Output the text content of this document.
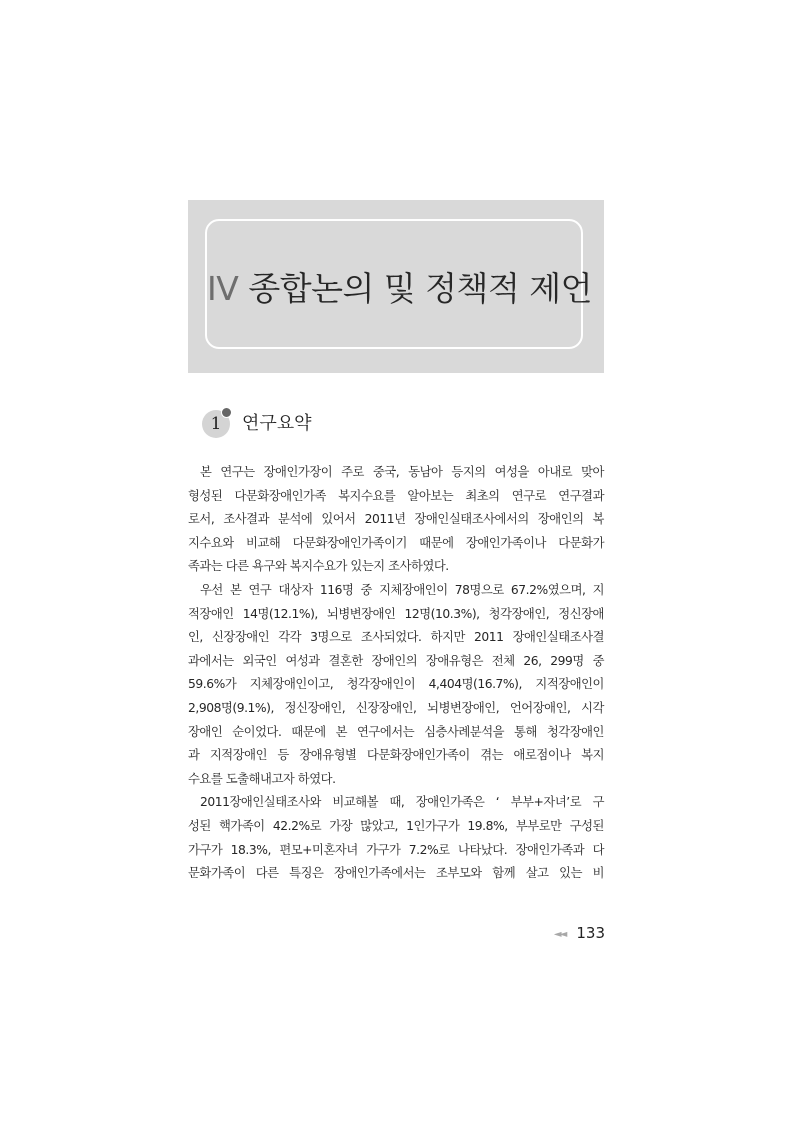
IV 종합논의 및 정책적 제언
1	연구요약
본 연구는 장애인가장이 주로 중국, 동남아 등지의 여성을 아내로 맞아
형성된 다문화장애인가족 복지수요를 알아보는 최초의 연구로 연구결과
로서, 조사결과 분석에 있어서 2011년 장애인실태조사에서의 장애인의 복
지수요와 비교해 다문화장애인가족이기 때문에 장애인가족이나 다문화가
족과는 다른 욕구와 복지수요가 있는지 조사하였다.
우선 본 연구 대상자 116명 중 지체장애인이 78명으로 67.2%였으며, 지
적장애인 14명(12.1%), 뇌병변장애인 12명(10.3%), 청각장애인, 정신장애
인, 신장장애인 각각 3명으로 조사되었다. 하지만 2011 장애인실태조사결
과에서는 외국인 여성과 결혼한 장애인의 장애유형은 전체 26, 299명 중
59.6%가 지체장애인이고, 청각장애인이 4,404명(16.7%), 지적장애인이
2,908명(9.1%), 정신장애인, 신장장애인, 뇌병변장애인, 언어장애인, 시각
장애인 순이었다. 때문에 본 연구에서는 심층사례분석을 통해 청각장애인
과 지적장애인 등 장애유형별 다문화장애인가족이 겪는 애로점이나 복지
수요를 도출해내고자 하였다.
2011장애인실태조사와 비교해볼 때, 장애인가족은 ‘ 부부+자녀’로 구
성된 핵가족이 42.2%로 가장 많았고, 1인가구가 19.8%, 부부로만 구성된
가구가 18.3%, 편모+미혼자녀 가구가 7.2%로 나타났다. 장애인가족과 다
문화가족이 다른 특징은 장애인가족에서는 조부모와 함께 살고 있는 비
◄◄ 133
